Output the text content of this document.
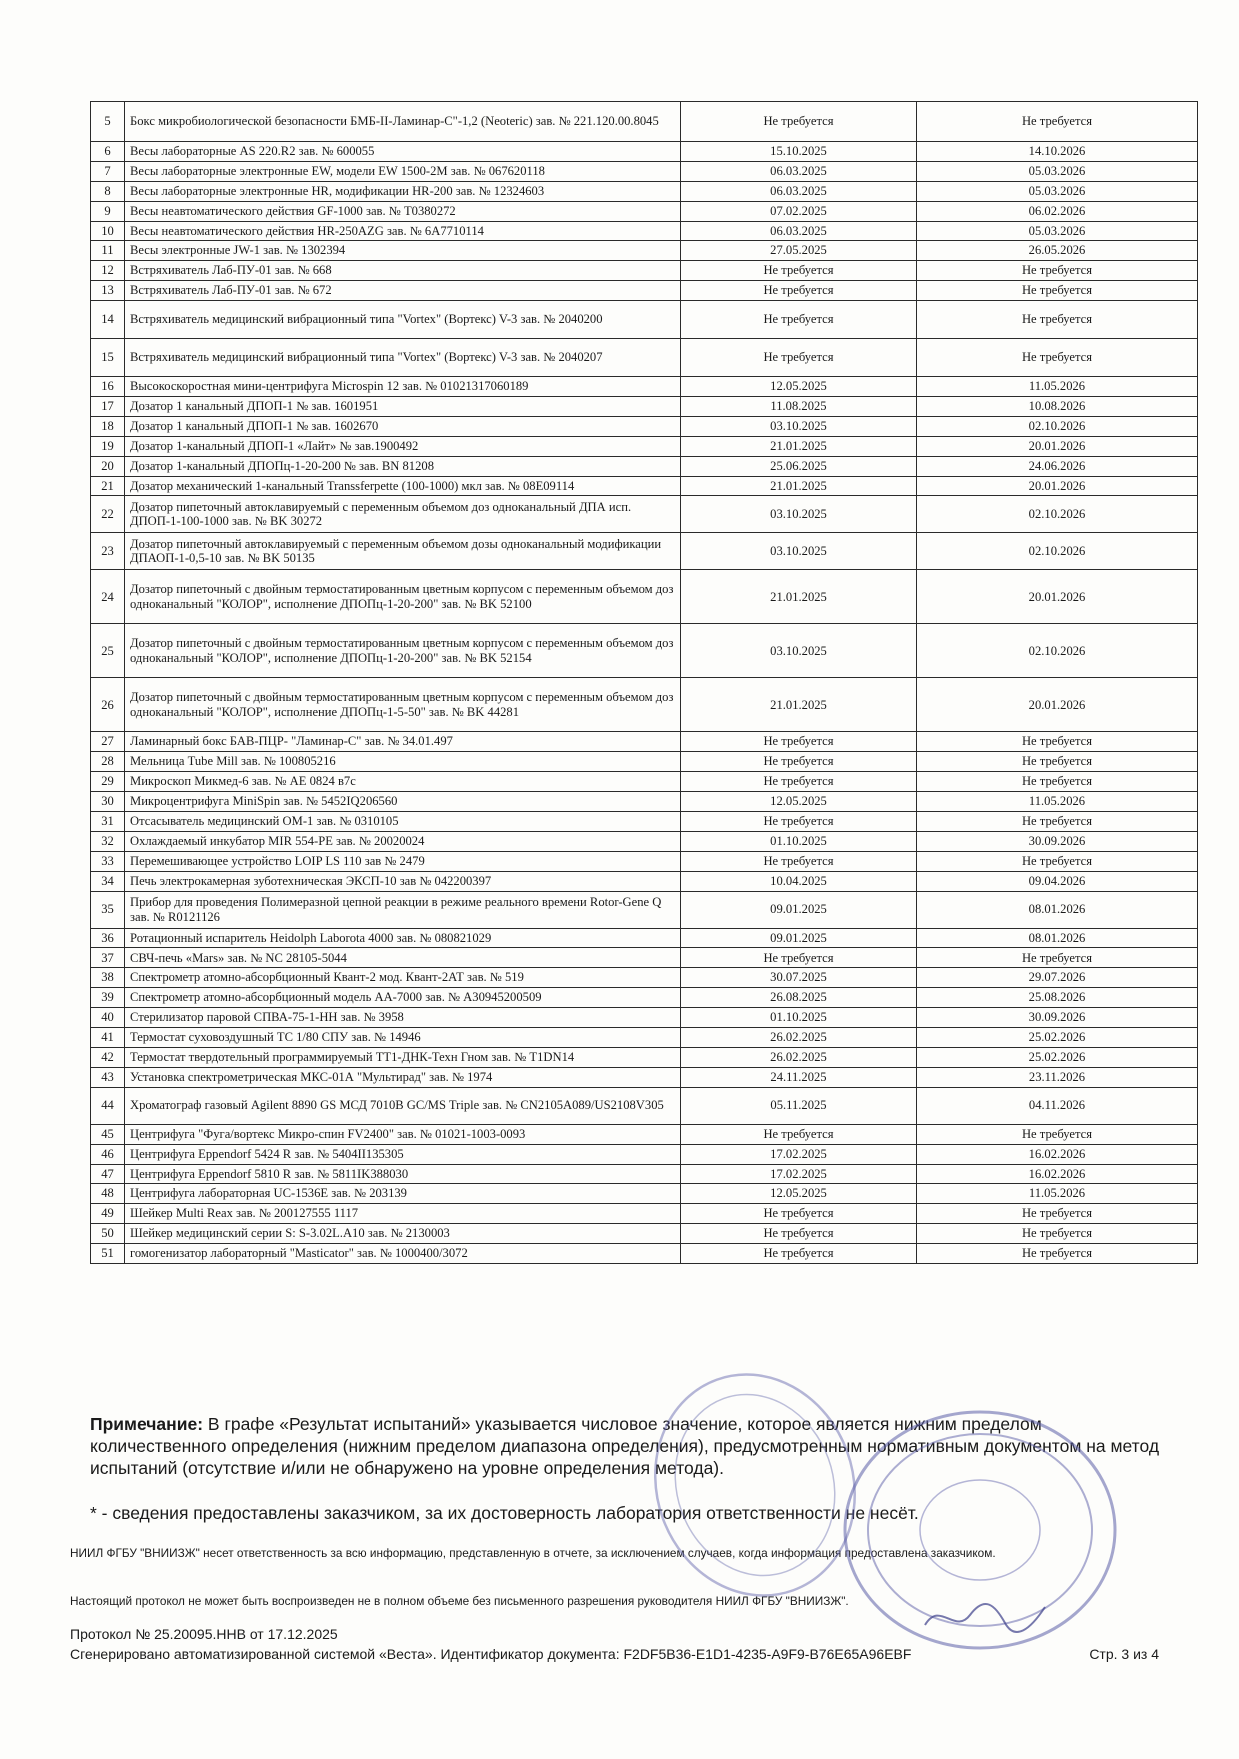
5	Бокс микробиологической безопасности БМБ-II-Ламинар-С"-1,2 (Neoteric) зав. № 221.120.00.8045	Не требуется	Не требуется
6	Весы лабораторные AS 220.R2 зав. № 600055	15.10.2025	14.10.2026
7	Весы лабораторные электронные EW, модели EW 1500-2M зав. № 067620118	06.03.2025	05.03.2026
8	Весы лабораторные электронные HR, модификации HR-200 зав. № 12324603	06.03.2025	05.03.2026
9	Весы неавтоматического действия GF-1000 зав. № T0380272	07.02.2025	06.02.2026
10	Весы неавтоматического действия HR-250AZG зав. № 6A7710114	06.03.2025	05.03.2026
11	Весы электронные JW-1 зав. № 1302394	27.05.2025	26.05.2026
12	Встряхиватель Лаб-ПУ-01 зав. № 668	Не требуется	Не требуется
13	Встряхиватель Лаб-ПУ-01 зав. № 672	Не требуется	Не требуется
14	Встряхиватель медицинский вибрационный типа "Vortex" (Вортекс) V-3 зав. № 2040200	Не требуется	Не требуется
15	Встряхиватель медицинский вибрационный типа "Vortex" (Вортекс) V-3 зав. № 2040207	Не требуется	Не требуется
16	Высокоскоростная мини-центрифуга Microspin 12 зав. № 01021317060189	12.05.2025	11.05.2026
17	Дозатор 1 канальный ДПОП-1 № зав. 1601951	11.08.2025	10.08.2026
18	Дозатор 1 канальный ДПОП-1 № зав. 1602670	03.10.2025	02.10.2026
19	Дозатор 1-канальный ДПОП-1 «Лайт» № зав.1900492	21.01.2025	20.01.2026
20	Дозатор 1-канальный ДПОПц-1-20-200 № зав. BN 81208	25.06.2025	24.06.2026
21	Дозатор механический 1-канальный Transsferpette (100-1000) мкл зав. № 08E09114	21.01.2025	20.01.2026
22	Дозатор пипеточный автоклавируемый с переменным объемом доз одноканальный ДПА исп. ДПОП-1-100-1000 зав. № BK 30272	03.10.2025	02.10.2026
23	Дозатор пипеточный автоклавируемый с переменным объемом дозы одноканальный модификации ДПАОП-1-0,5-10 зав. № BK 50135	03.10.2025	02.10.2026
24	Дозатор пипеточный с двойным термостатированным цветным корпусом с переменным объемом доз одноканальный "КОЛОР", исполнение ДПОПц-1-20-200" зав. № BK 52100	21.01.2025	20.01.2026
25	Дозатор пипеточный с двойным термостатированным цветным корпусом с переменным объемом доз одноканальный "КОЛОР", исполнение ДПОПц-1-20-200" зав. № BK 52154	03.10.2025	02.10.2026
26	Дозатор пипеточный с двойным термостатированным цветным корпусом с переменным объемом доз одноканальный "КОЛОР", исполнение ДПОПц-1-5-50" зав. № BK 44281	21.01.2025	20.01.2026
27	Ламинарный бокс БАВ-ПЦР- "Ламинар-С" зав. № 34.01.497	Не требуется	Не требуется
28	Мельница Tube Mill зав. № 100805216	Не требуется	Не требуется
29	Микроскоп Микмед-6 зав. № AE 0824 в7с	Не требуется	Не требуется
30	Микроцентрифуга MiniSpin зав. № 5452IQ206560	12.05.2025	11.05.2026
31	Отсасыватель медицинский ОМ-1 зав. № 0310105	Не требуется	Не требуется
32	Охлаждаемый инкубатор MIR 554-PE зав. № 20020024	01.10.2025	30.09.2026
33	Перемешивающее устройство LOIP LS 110 зав № 2479	Не требуется	Не требуется
34	Печь электрокамерная зуботехническая ЭКСП-10 зав № 042200397	10.04.2025	09.04.2026
35	Прибор для проведения Полимеразной цепной реакции в режиме реального времени Rotor-Gene Q зав. № R0121126	09.01.2025	08.01.2026
36	Ротационный испаритель Heidolph Laborota 4000 зав. № 080821029	09.01.2025	08.01.2026
37	СВЧ-печь «Mars» зав. № NC 28105-5044	Не требуется	Не требуется
38	Спектрометр атомно-абсорбционный Квант-2 мод. Квант-2АТ зав. № 519	30.07.2025	29.07.2026
39	Спектрометр атомно-абсорбционный модель AA-7000 зав. № A30945200509	26.08.2025	25.08.2026
40	Стерилизатор паровой СПВА-75-1-НН зав. № 3958	01.10.2025	30.09.2026
41	Термостат суховоздушный ТС 1/80 СПУ зав. № 14946	26.02.2025	25.02.2026
42	Термостат твердотельный программируемый ТТ1-ДНК-Техн Гном зав. № T1DN14	26.02.2025	25.02.2026
43	Установка спектрометрическая МКС-01А "Мультирад" зав. № 1974	24.11.2025	23.11.2026
44	Хроматограф газовый Agilent 8890 GS МСД 7010B GC/MS Triple зав. № CN2105A089/US2108V305	05.11.2025	04.11.2026
45	Центрифуга "Фуга/вортекс Микро-спин FV2400" зав. № 01021-1003-0093	Не требуется	Не требуется
46	Центрифуга Eppendorf 5424 R зав. № 5404II135305	17.02.2025	16.02.2026
47	Центрифуга Eppendorf 5810 R зав. № 5811IK388030	17.02.2025	16.02.2026
48	Центрифуга лабораторная UC-1536E зав. № 203139	12.05.2025	11.05.2026
49	Шейкер Multi Reax зав. № 200127555 1117	Не требуется	Не требуется
50	Шейкер медицинский серии S: S-3.02L.A10 зав. № 2130003	Не требуется	Не требуется
51	гомогенизатор лабораторный "Masticator" зав. № 1000400/3072	Не требуется	Не требуется
Примечание: В графе «Результат испытаний» указывается числовое значение, которое является нижним пределом количественного определения (нижним пределом диапазона определения), предусмотренным нормативным документом на метод испытаний (отсутствие и/или не обнаружено на уровне определения метода).
* - сведения предоставлены заказчиком, за их достоверность лаборатория ответственности не несёт.
НИИЛ ФГБУ "ВНИИЗЖ" несет ответственность за всю информацию, представленную в отчете, за исключением случаев, когда информация предоставлена заказчиком.
Настоящий протокол не может быть воспроизведен не в полном объеме без письменного разрешения руководителя НИИЛ ФГБУ "ВНИИЗЖ".
Протокол № 25.20095.ННВ от 17.12.2025
Сгенерировано автоматизированной системой «Веста». Идентификатор документа: F2DF5B36-E1D1-4235-A9F9-B76E65A96EBF	Стр. 3 из 4
